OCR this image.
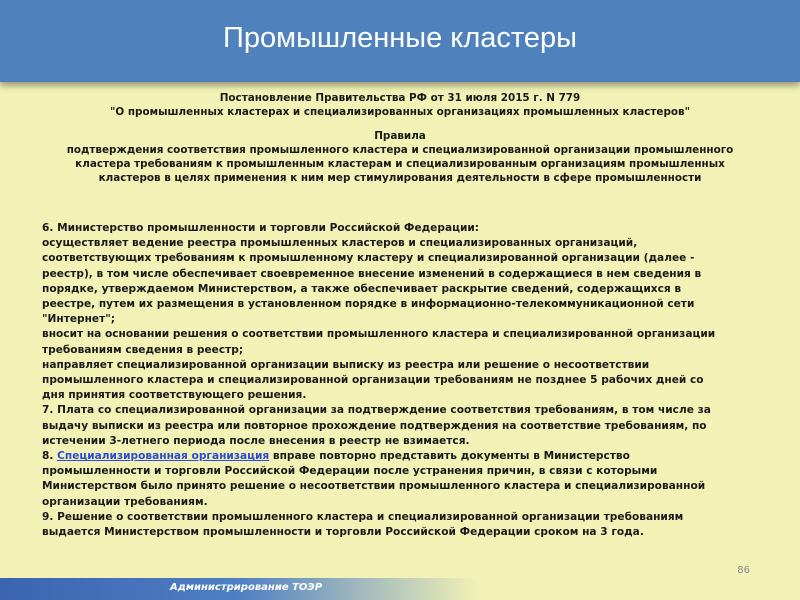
Промышленные кластеры
Постановление Правительства РФ от 31 июля 2015 г. N 779
"О промышленных кластерах и специализированных организациях промышленных кластеров"
Правила
подтверждения соответствия промышленного кластера и специализированной организации промышленного
кластера требованиям к промышленным кластерам и специализированным организациям промышленных
кластеров в целях применения к ним мер стимулирования деятельности в сфере промышленности

6. Министерство промышленности и торговли Российской Федерации:

осуществляет ведение реестра промышленных кластеров и специализированных организаций,

соответствующих требованиям к промышленному кластеру и специализированной организации (далее -

реестр), в том числе обеспечивает своевременное внесение изменений в содержащиеся в нем сведения в

порядке, утверждаемом Министерством, а также обеспечивает раскрытие сведений, содержащихся в

реестре, путем их размещения в установленном порядке в информационно-телекоммуникационной сети

"Интернет";

вносит на основании решения о соответствии промышленного кластера и специализированной организации

требованиям сведения в реестр;

направляет специализированной организации выписку из реестра или решение о несоответствии

промышленного кластера и специализированной организации требованиям не позднее 5 рабочих дней со

дня принятия соответствующего решения.

7. Плата со специализированной организации за подтверждение соответствия требованиям, в том числе за

выдачу выписки из реестра или повторное прохождение подтверждения на соответствие требованиям, по

истечении 3-летнего периода после внесения в реестр не взимается.

8. Специализированная организация вправе повторно представить документы в Министерство

промышленности и торговли Российской Федерации после устранения причин, в связи с которыми

Министерством было принято решение о несоответствии промышленного кластера и специализированной

организации требованиям.

9. Решение о соответствии промышленного кластера и специализированной организации требованиям

выдается Министерством промышленности и торговли Российской Федерации сроком на 3 года.

86
Администрирование ТОЭР
